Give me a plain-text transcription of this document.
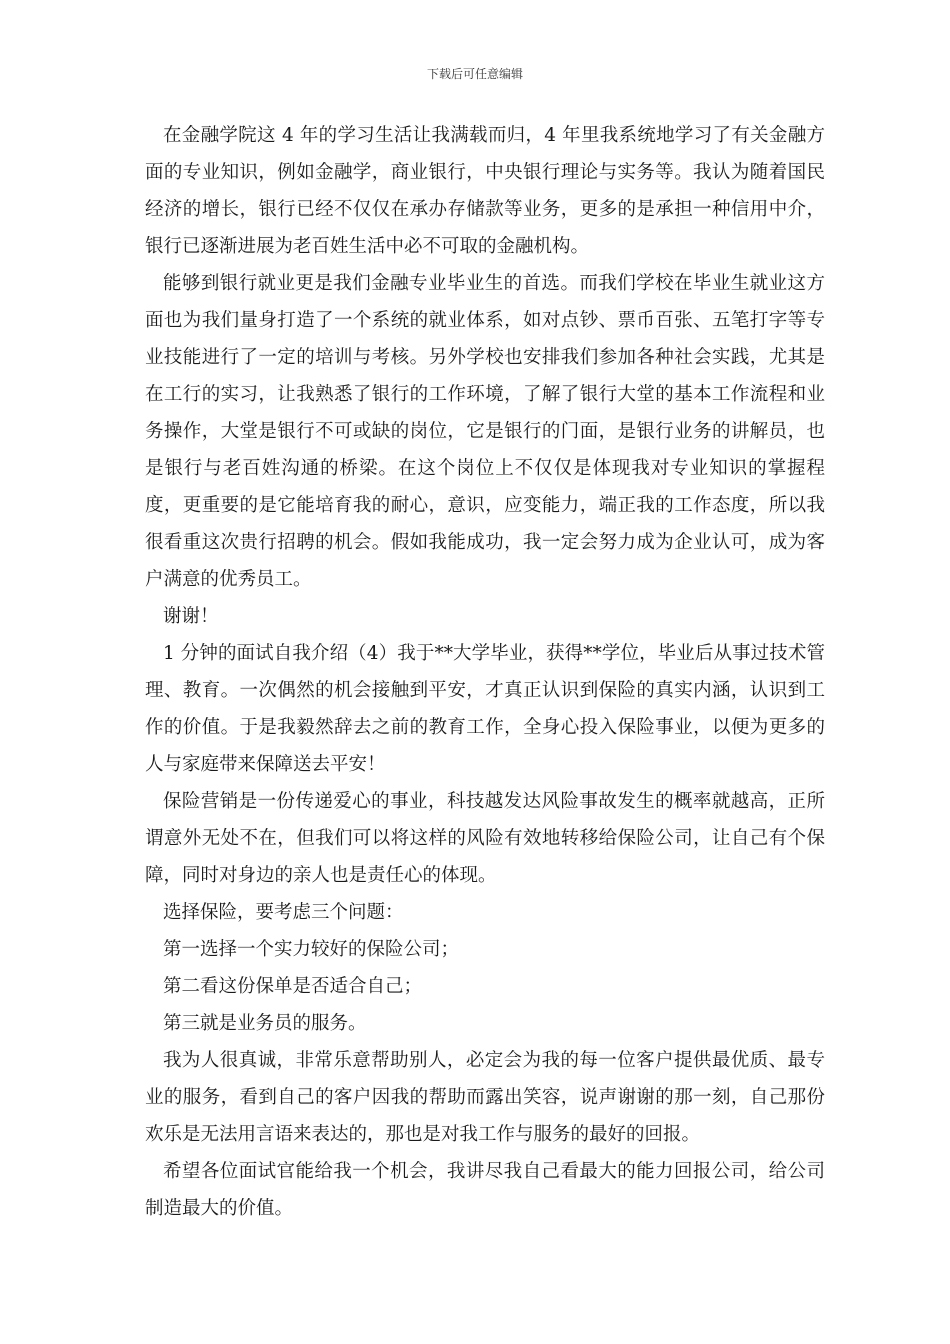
下载后可任意编辑

在金融学院这 4 年的学习生活让我满载而归，4 年里我系统地学习了有关金融方面的专业知识，例如金融学，商业银行，中央银行理论与实务等。我认为随着国民经济的增长，银行已经不仅仅在承办存储款等业务，更多的是承担一种信用中介，银行已逐渐进展为老百姓生活中必不可取的金融机构。

能够到银行就业更是我们金融专业毕业生的首选。而我们学校在毕业生就业这方面也为我们量身打造了一个系统的就业体系，如对点钞、票币百张、五笔打字等专业技能进行了一定的培训与考核。另外学校也安排我们参加各种社会实践，尤其是在工行的实习，让我熟悉了银行的工作环境，了解了银行大堂的基本工作流程和业务操作，大堂是银行不可或缺的岗位，它是银行的门面，是银行业务的讲解员，也是银行与老百姓沟通的桥梁。在这个岗位上不仅仅是体现我对专业知识的掌握程度，更重要的是它能培育我的耐心，意识，应变能力，端正我的工作态度，所以我很看重这次贵行招聘的机会。假如我能成功，我一定会努力成为企业认可，成为客户满意的优秀员工。

谢谢！

1 分钟的面试自我介绍（4）我于**大学毕业，获得**学位，毕业后从事过技术管理、教育。一次偶然的机会接触到平安，才真正认识到保险的真实内涵，认识到工作的价值。于是我毅然辞去之前的教育工作，全身心投入保险事业，以便为更多的人与家庭带来保障送去平安！

保险营销是一份传递爱心的事业，科技越发达风险事故发生的概率就越高，正所谓意外无处不在，但我们可以将这样的风险有效地转移给保险公司，让自己有个保障，同时对身边的亲人也是责任心的体现。

选择保险，要考虑三个问题：

第一选择一个实力较好的保险公司；

第二看这份保单是否适合自己；

第三就是业务员的服务。

我为人很真诚，非常乐意帮助别人，必定会为我的每一位客户提供最优质、最专业的服务，看到自己的客户因我的帮助而露出笑容，说声谢谢的那一刻，自己那份欢乐是无法用言语来表达的，那也是对我工作与服务的最好的回报。

希望各位面试官能给我一个机会，我讲尽我自己看最大的能力回报公司，给公司制造最大的价值。
